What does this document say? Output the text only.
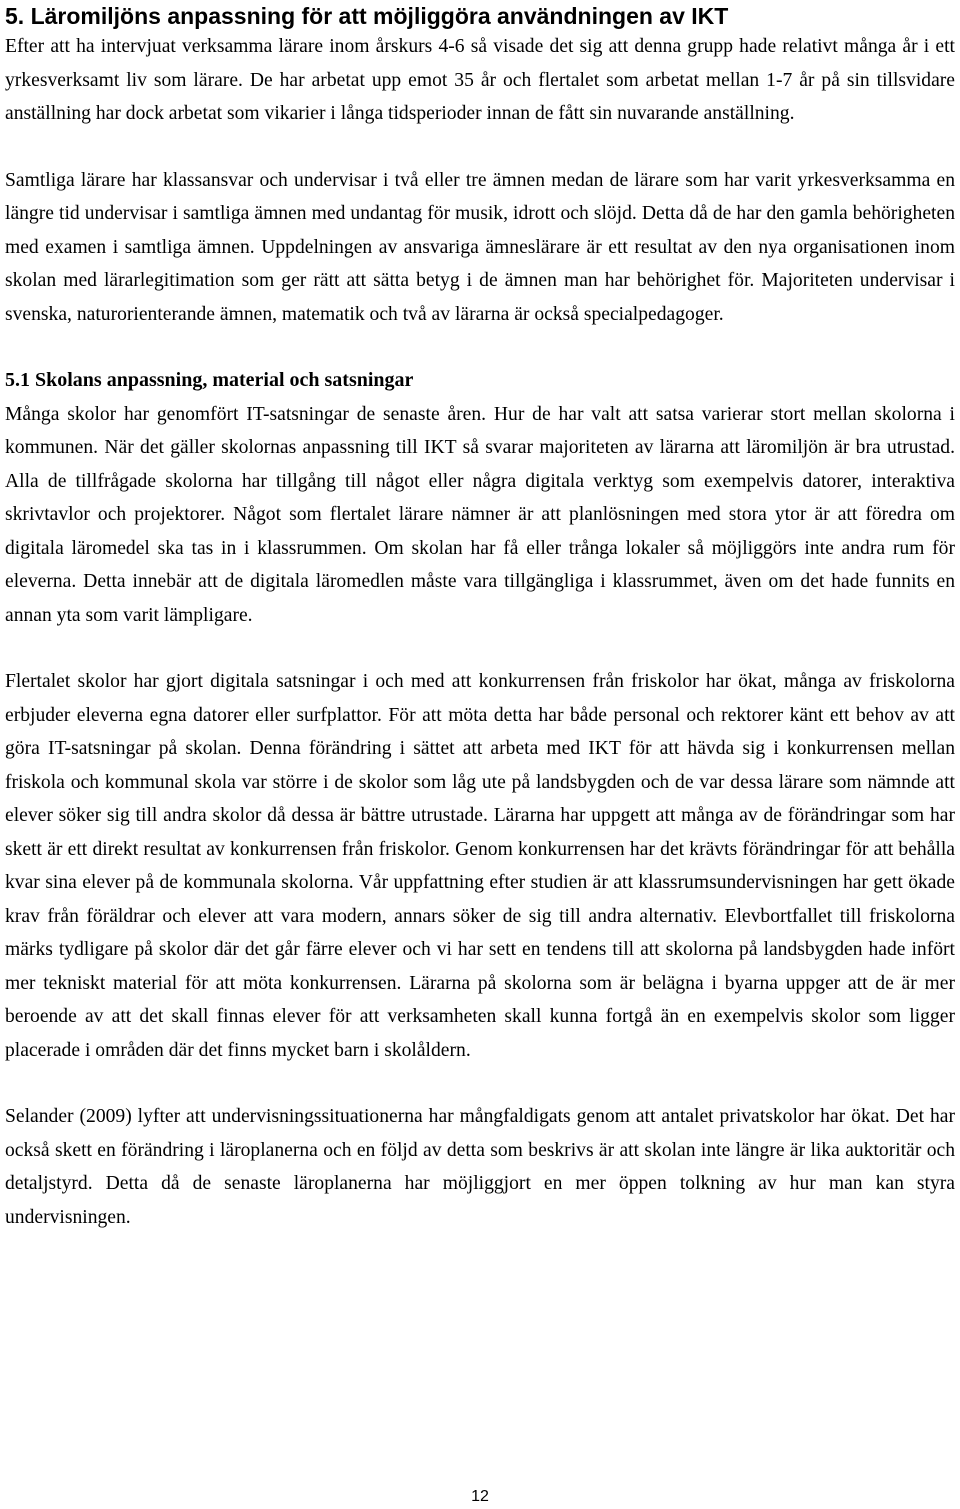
5. Läromiljöns anpassning för att möjliggöra användningen av IKT

Efter att ha intervjuat verksamma lärare inom årskurs 4-6 så visade det sig att denna grupp hade relativt många år i ett yrkesverksamt liv som lärare. De har arbetat upp emot 35 år och flertalet som arbetat mellan 1-7 år på sin tillsvidare anställning har dock arbetat som vikarier i långa tidsperioder innan de fått sin nuvarande anställning.

Samtliga lärare har klassansvar och undervisar i två eller tre ämnen medan de lärare som har varit yrkesverksamma en längre tid undervisar i samtliga ämnen med undantag för musik, idrott och slöjd. Detta då de har den gamla behörigheten med examen i samtliga ämnen. Uppdelningen av ansvariga ämneslärare är ett resultat av den nya organisationen inom skolan med lärarlegitimation som ger rätt att sätta betyg i de ämnen man har behörighet för. Majoriteten undervisar i svenska, naturorienterande ämnen, matematik och två av lärarna är också specialpedagoger.

5.1 Skolans anpassning, material och satsningar

Många skolor har genomfört IT-satsningar de senaste åren. Hur de har valt att satsa varierar stort mellan skolorna i kommunen. När det gäller skolornas anpassning till IKT så svarar majoriteten av lärarna att läromiljön är bra utrustad. Alla de tillfrågade skolorna har tillgång till något eller några digitala verktyg som exempelvis datorer, interaktiva skrivtavlor och projektorer. Något som flertalet lärare nämner är att planlösningen med stora ytor är att föredra om digitala läromedel ska tas in i klassrummen. Om skolan har få eller trånga lokaler så möjliggörs inte andra rum för eleverna. Detta innebär att de digitala läromedlen måste vara tillgängliga i klassrummet, även om det hade funnits en annan yta som varit lämpligare.

Flertalet skolor har gjort digitala satsningar i och med att konkurrensen från friskolor har ökat, många av friskolorna erbjuder eleverna egna datorer eller surfplattor. För att möta detta har både personal och rektorer känt ett behov av att göra IT-satsningar på skolan. Denna förändring i sättet att arbeta med IKT för att hävda sig i konkurrensen mellan friskola och kommunal skola var större i de skolor som låg ute på landsbygden och de var dessa lärare som nämnde att elever söker sig till andra skolor då dessa är bättre utrustade. Lärarna har uppgett att många av de förändringar som har skett är ett direkt resultat av konkurrensen från friskolor. Genom konkurrensen har det krävts förändringar för att behålla kvar sina elever på de kommunala skolorna. Vår uppfattning efter studien är att klassrumsundervisningen har gett ökade krav från föräldrar och elever att vara modern, annars söker de sig till andra alternativ. Elevbortfallet till friskolorna märks tydligare på skolor där det går färre elever och vi har sett en tendens till att skolorna på landsbygden hade infört mer tekniskt material för att möta konkurrensen. Lärarna på skolorna som är belägna i byarna uppger att de är mer beroende av att det skall finnas elever för att verksamheten skall kunna fortgå än en exempelvis skolor som ligger placerade i områden där det finns mycket barn i skolåldern.

Selander (2009) lyfter att undervisningssituationerna har mångfaldigats genom att antalet privatskolor har ökat. Det har också skett en förändring i läroplanerna och en följd av detta som beskrivs är att skolan inte längre är lika auktoritär och detaljstyrd. Detta då de senaste läroplanerna har möjliggjort en mer öppen tolkning av hur man kan styra undervisningen.

12
